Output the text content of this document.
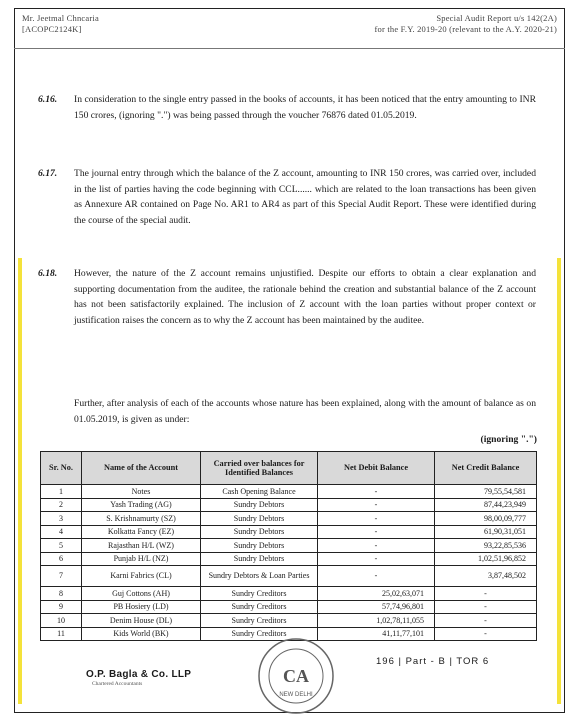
Mr. Jeetmal Chncaria
[ACOPC2124K]
Special Audit Report u/s 142(2A)
for the F.Y. 2019-20 (relevant to the A.Y. 2020-21)
6.16. In consideration to the single entry passed in the books of accounts, it has been noticed that the entry amounting to INR 150 crores, (ignoring ".") was being passed through the voucher 76876 dated 01.05.2019.
6.17. The journal entry through which the balance of the Z account, amounting to INR 150 crores, was carried over, included in the list of parties having the code beginning with CCL...... which are related to the loan transactions has been given as Annexure AR contained on Page No. AR1 to AR4 as part of this Special Audit Report. These were identified during the course of the special audit.
6.18. However, the nature of the Z account remains unjustified. Despite our efforts to obtain a clear explanation and supporting documentation from the auditee, the rationale behind the creation and substantial balance of the Z account has not been satisfactorily explained. The inclusion of Z account with the loan parties without proper context or justification raises the concern as to why the Z account has been maintained by the auditee.
Further, after analysis of each of the accounts whose nature has been explained, along with the amount of balance as on 01.05.2019, is given as under:
(ignoring ".")
Sr. No.	Name of the Account	Carried over balances for Identified Balances	Net Debit Balance	Net Credit Balance
1	Notes	Cash Opening Balance	-	79,55,54,581
2	Yash Trading (AG)	Sundry Debtors	-	87,44,23,949
3	S. Krishnamurty (SZ)	Sundry Debtors	-	98,00,09,777
4	Kolkatta Fancy (EZ)	Sundry Debtors	-	61,90,31,051
5	Rajasthan H/L (WZ)	Sundry Debtors	-	93,22,85,536
6	Punjab H/L (NZ)	Sundry Debtors	-	1,02,51,96,852
7	Karni Fabrics (CL)	Sundry Debtors & Loan Parties	-	3,87,48,502
8	Guj Cottons (AH)	Sundry Creditors	25,02,63,071	-
9	PB Hosiery (LD)	Sundry Creditors	57,74,96,801	-
10	Denim House (DL)	Sundry Creditors	1,02,78,11,055	-
11	Kids World (BK)	Sundry Creditors	41,11,77,101	-
O.P. Bagla & Co. LLP
Chartered Accountants	CA
NEW DELHI
196 | Part - B | TOR 6
